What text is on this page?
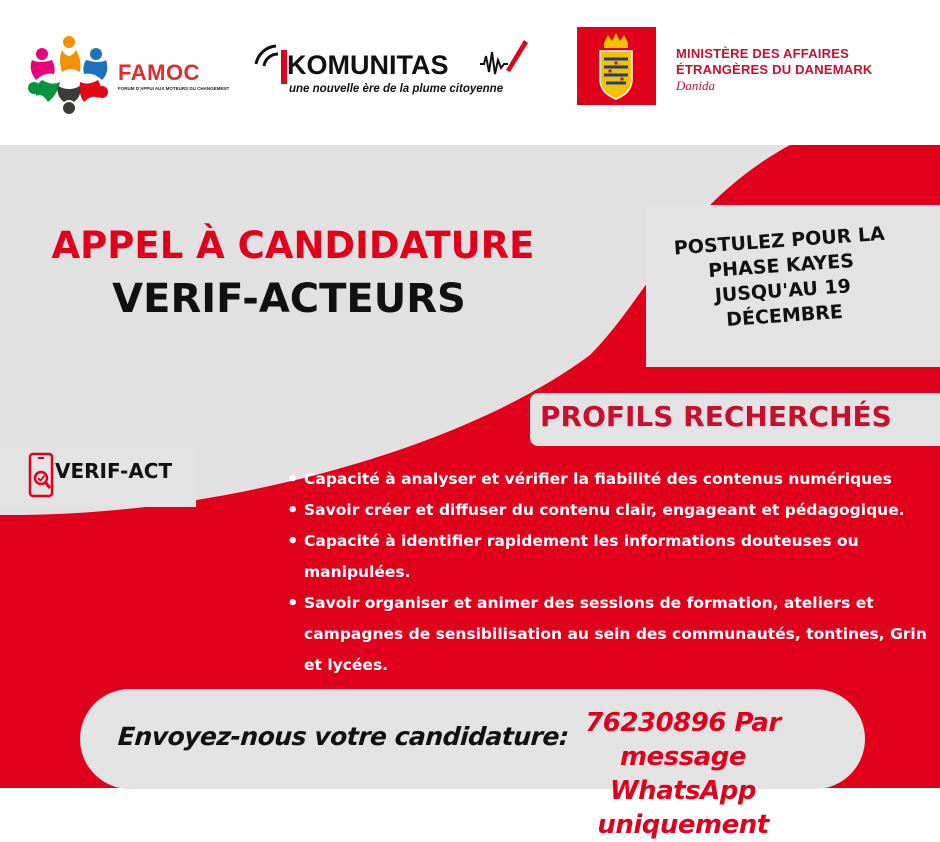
FAMOC
FORUM D'APPUI AUX MOTEURS DU CHANGEMENT
KOMUNITAS
une nouvelle ère de la plume citoyenne
MINISTÈRE DES AFFAIRES
ÉTRANGÈRES DU DANEMARK
Danida
APPEL À CANDIDATURE
VERIF-ACTEURS
POSTULEZ POUR LA
PHASE KAYES
JUSQU'AU 19
DÉCEMBRE
PROFILS RECHERCHÉS
VERIF-ACT
•	Capacité à analyser et vérifier la fiabilité des contenus numériques
• Savoir créer et diffuser du contenu clair, engageant et pédagogique.
• Capacité à identifier rapidement les informations douteuses ou manipulées.
• Savoir organiser et animer des sessions de formation, ateliers et campagnes de sensibilisation au sein des communautés, tontines, Grin et lycées.
Envoyez-nous votre candidature: 76230896 Par message
WhatsApp uniquement
